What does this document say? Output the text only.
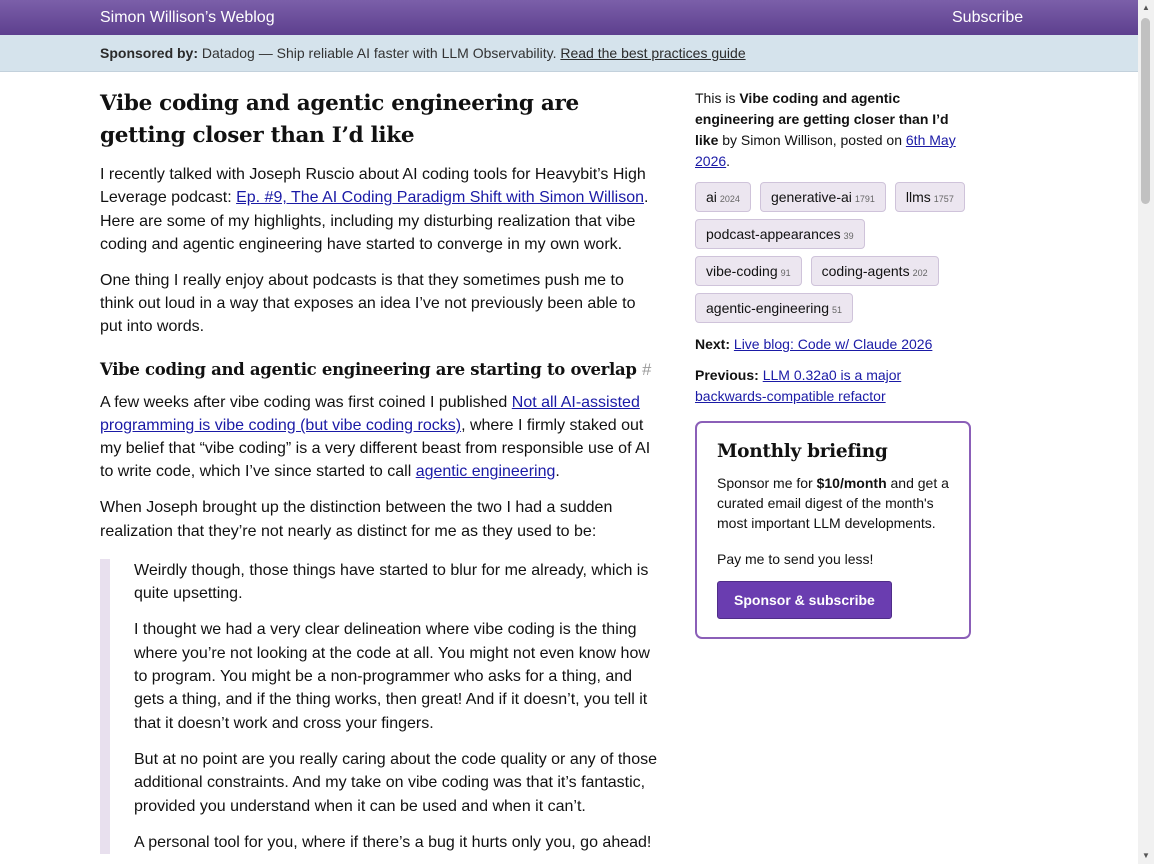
Simon Willison’s Weblog	Subscribe
Sponsored by: Datadog — Ship reliable AI faster with LLM Observability. Read the best practices guide
Vibe coding and agentic engineering are getting closer than I’d like

I recently talked with Joseph Ruscio about AI coding tools for Heavybit’s High Leverage podcast: Ep. #9, The AI Coding Paradigm Shift with Simon Willison. Here are some of my highlights, including my disturbing realization that vibe coding and agentic engineering have started to converge in my own work.

One thing I really enjoy about podcasts is that they sometimes push me to think out loud in a way that exposes an idea I’ve not previously been able to put into words.

Vibe coding and agentic engineering are starting to overlap #

A few weeks after vibe coding was first coined I published Not all AI-assisted programming is vibe coding (but vibe coding rocks), where I firmly staked out my belief that “vibe coding” is a very different beast from responsible use of AI to write code, which I’ve since started to call agentic engineering.

When Joseph brought up the distinction between the two I had a sudden realization that they’re not nearly as distinct for me as they used to be:

Weirdly though, those things have started to blur for me already, which is quite upsetting.

I thought we had a very clear delineation where vibe coding is the thing where you’re not looking at the code at all. You might not even know how to program. You might be a non-programmer who asks for a thing, and gets a thing, and if the thing works, then great! And if it doesn’t, you tell it that it doesn’t work and cross your fingers.

But at no point are you really caring about the code quality or any of those additional constraints. And my take on vibe coding was that it’s fantastic, provided you understand when it can be used and when it can’t.

A personal tool for you, where if there’s a bug it hurts only you, go ahead!

This is Vibe coding and agentic engineering are getting closer than I’d like by Simon Willison, posted on 6th May 2026.

ai 2024	generative-ai 1791	llms 1757
podcast-appearances 39
vibe-coding 91	coding-agents 202
agentic-engineering 51

Next: Live blog: Code w/ Claude 2026

Previous: LLM 0.32a0 is a major backwards-compatible refactor

Monthly briefing

Sponsor me for $10/month and get a curated email digest of the month's most important LLM developments.

Pay me to send you less!

Sponsor & subscribe
▲
▼
